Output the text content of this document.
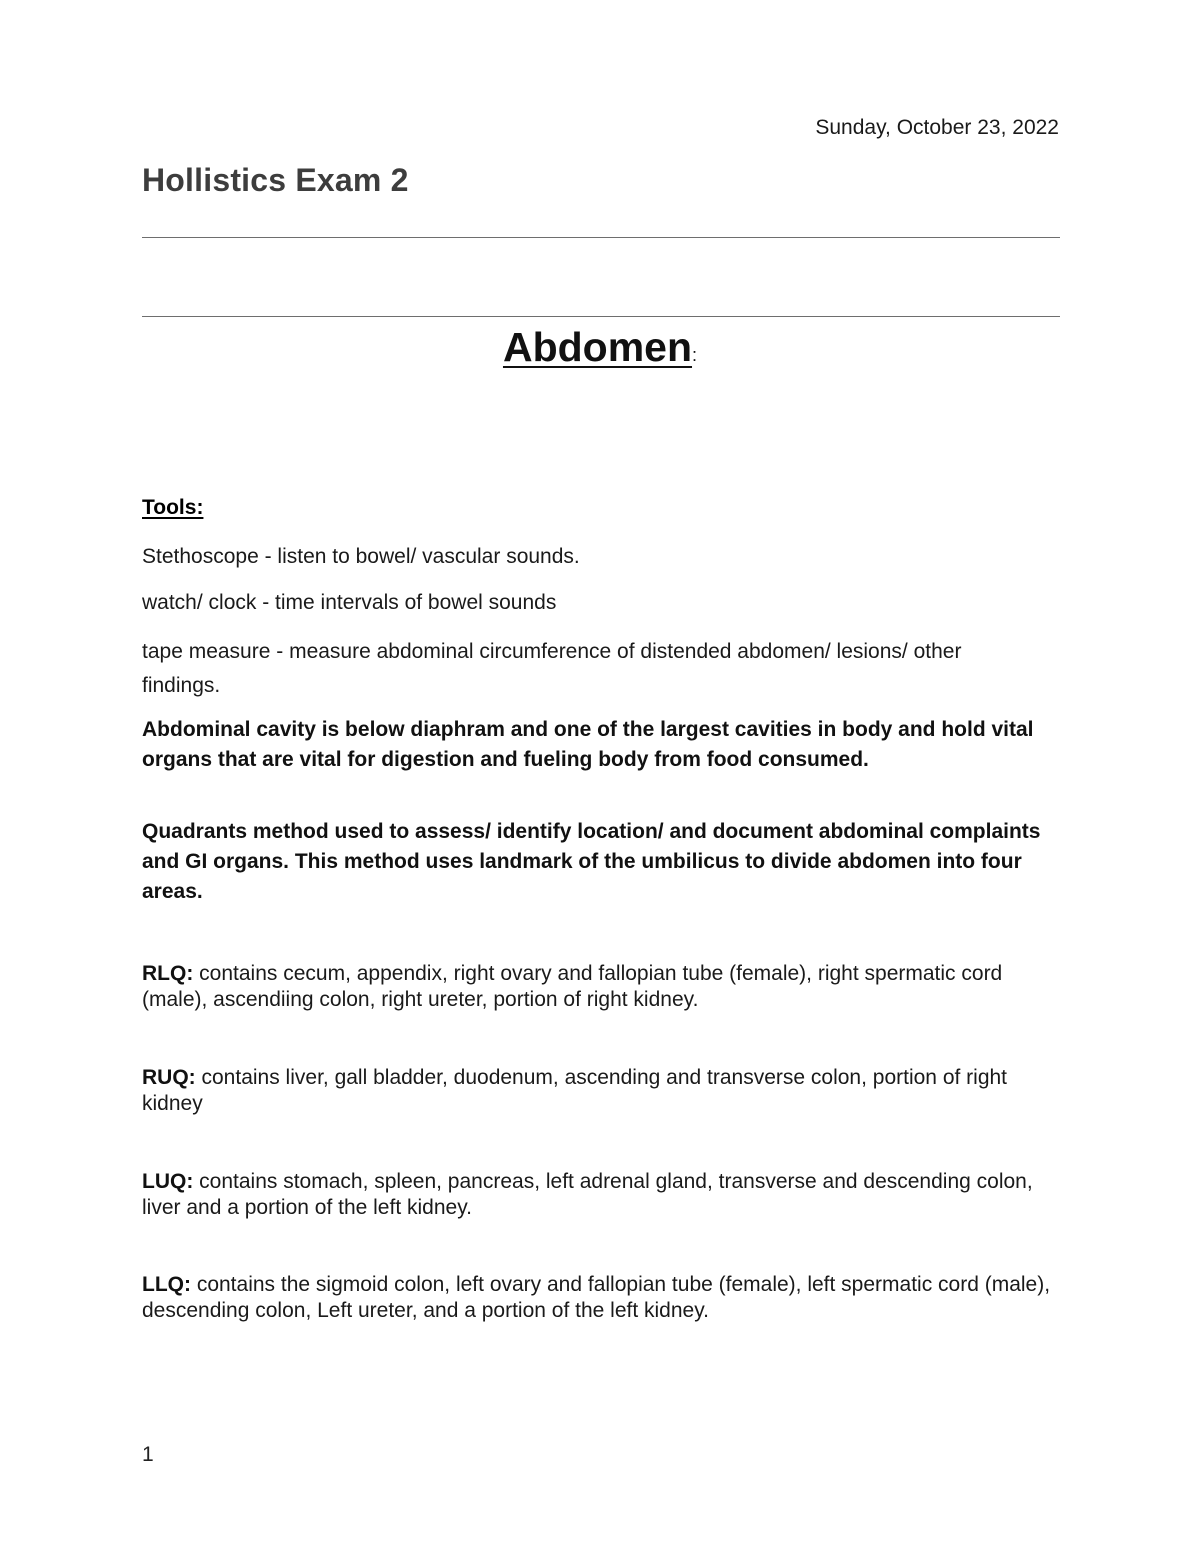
Sunday, October 23, 2022
Hollistics Exam 2
Abdomen:
Tools:
Stethoscope - listen to bowel/ vascular sounds.
watch/ clock - time intervals of bowel sounds
tape measure - measure abdominal circumference of distended abdomen/ lesions/ other findings.
Abdominal cavity is below diaphram and one of the largest cavities in body and hold vital organs that are vital for digestion and fueling body from food consumed.
Quadrants method used to assess/ identify location/ and document abdominal complaints and GI organs. This method uses landmark of the umbilicus to divide abdomen into four areas.
RLQ: contains cecum, appendix, right ovary and fallopian tube (female), right spermatic cord (male), ascendiing colon, right ureter, portion of right kidney.
RUQ: contains liver, gall bladder, duodenum, ascending and transverse colon, portion of right kidney
LUQ: contains stomach, spleen, pancreas, left adrenal gland, transverse and descending colon, liver and a portion of the left kidney.
LLQ: contains the sigmoid colon, left ovary and fallopian tube (female), left spermatic cord (male), descending colon, Left ureter, and a portion of the left kidney.
1
